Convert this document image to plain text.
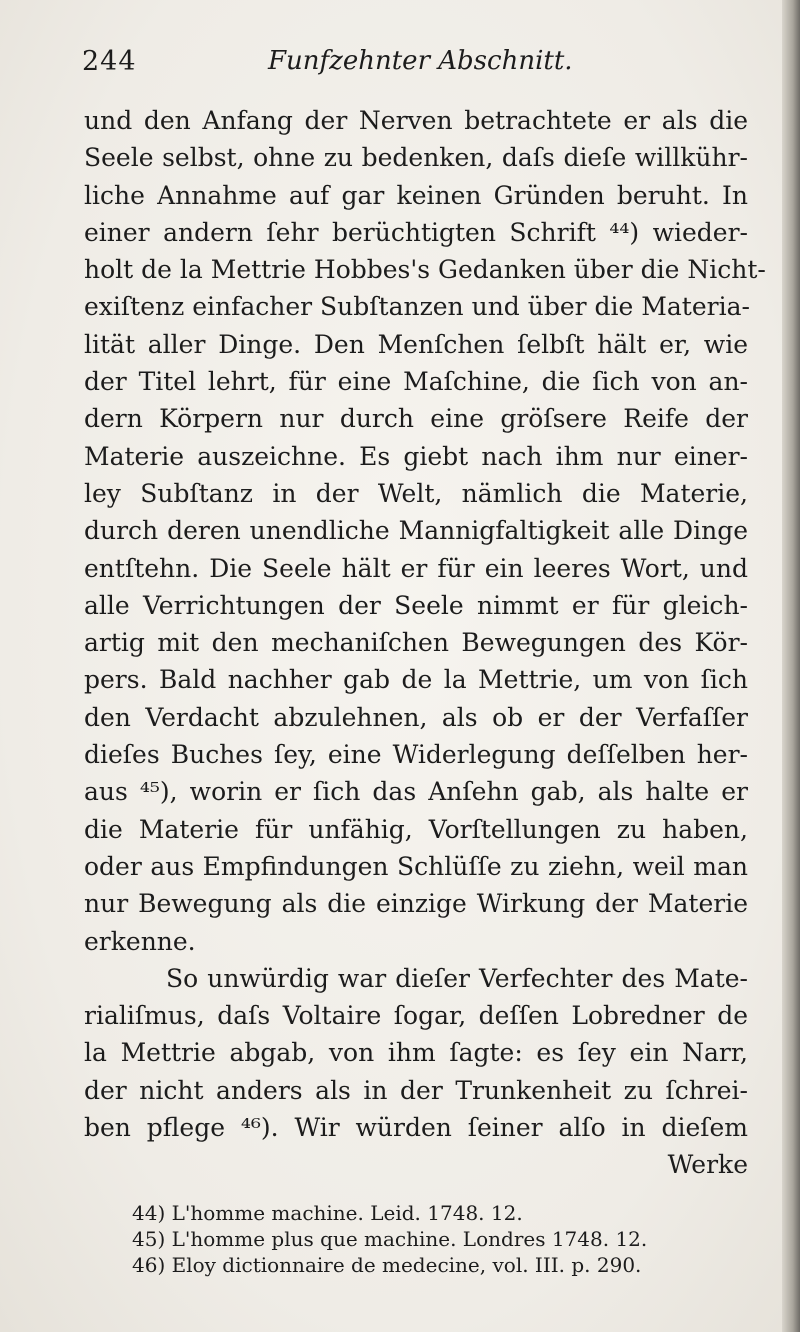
244	Funfzehnter Abschnitt.
und den Anfang der Nerven betrachtete er als die
Seele selbst, ohne zu bedenken, daſs dieſe willkühr-
liche Annahme auf gar keinen Gründen beruht. In
einer andern ſehr berüchtigten Schrift ⁴⁴) wieder-
holt de la Mettrie Hobbes's Gedanken über die Nicht-
exiſtenz einfacher Subſtanzen und über die Materia-
lität aller Dinge. Den Menſchen ſelbſt hält er, wie
der Titel lehrt, für eine Maſchine, die ſich von an-
dern Körpern nur durch eine gröſsere Reife der
Materie auszeichne. Es giebt nach ihm nur einer-
ley Subſtanz in der Welt, nämlich die Materie,
durch deren unendliche Mannigfaltigkeit alle Dinge
entſtehn. Die Seele hält er für ein leeres Wort, und
alle Verrichtungen der Seele nimmt er für gleich-
artig mit den mechaniſchen Bewegungen des Kör-
pers. Bald nachher gab de la Mettrie, um von ſich
den Verdacht abzulehnen, als ob er der Verfaſſer
dieſes Buches ſey, eine Widerlegung deſſelben her-
aus ⁴⁵), worin er ſich das Anſehn gab, als halte er
die Materie für unfähig, Vorſtellungen zu haben,
oder aus Empfindungen Schlüſſe zu ziehn, weil man
nur Bewegung als die einzige Wirkung der Materie
erkenne.
So unwürdig war dieſer Verfechter des Mate-
rialiſmus, daſs Voltaire ſogar, deſſen Lobredner de
la Mettrie abgab, von ihm ſagte: es ſey ein Narr,
der nicht anders als in der Trunkenheit zu ſchrei-
ben pflege ⁴⁶). Wir würden ſeiner alſo in dieſem
Werke
44) L'homme machine. Leid. 1748. 12.
45) L'homme plus que machine. Londres 1748. 12.
46) Eloy dictionnaire de medecine, vol. III. p. 290.
